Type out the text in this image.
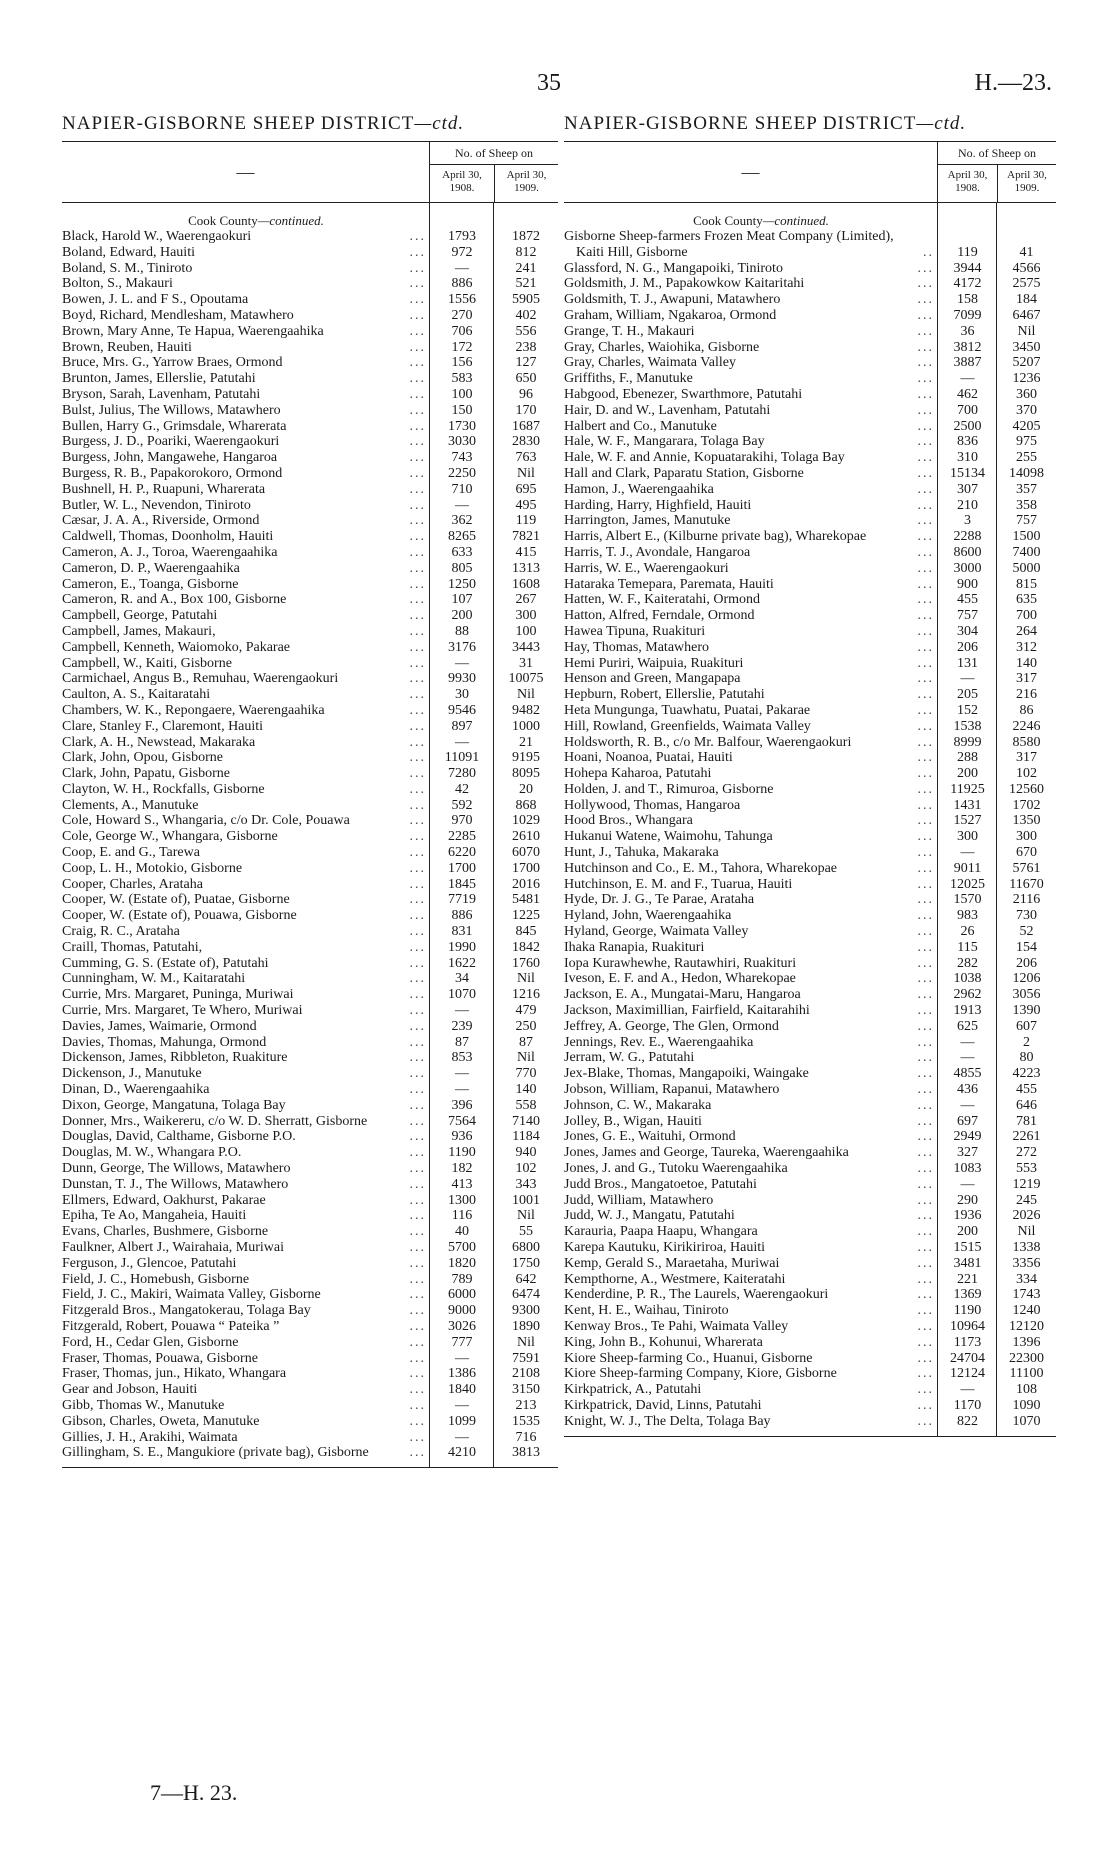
35	H.—23.
NAPIER-GISBORNE SHEEP DISTRICT—ctd.
—
No. of Sheep on
April 30, 1908.
April 30, 1909.
Cook County—continued.
Black, Harold W., Waerengaokuri ...	1793	1872
Boland, Edward, Hauiti ...	972	812
Boland, S. M., Tiniroto ...	—	241
Bolton, S., Makauri ...	886	521
Bowen, J. L. and F S., Opoutama ...	1556	5905
Boyd, Richard, Mendlesham, Matawhero ...	270	402
Brown, Mary Anne, Te Hapua, Waerengaahika ...	706	556
Brown, Reuben, Hauiti ...	172	238
Bruce, Mrs. G., Yarrow Braes, Ormond ...	156	127
Brunton, James, Ellerslie, Patutahi ...	583	650
Bryson, Sarah, Lavenham, Patutahi ...	100	96
Bulst, Julius, The Willows, Matawhero ...	150	170
Bullen, Harry G., Grimsdale, Wharerata ...	1730	1687
Burgess, J. D., Poariki, Waerengaokuri ...	3030	2830
Burgess, John, Mangawehe, Hangaroa ...	743	763
Burgess, R. B., Papakorokoro, Ormond ...	2250	Nil
Bushnell, H. P., Ruapuni, Wharerata ...	710	695
Butler, W. L., Nevendon, Tiniroto ...	—	495
Cæsar, J. A. A., Riverside, Ormond ...	362	119
Caldwell, Thomas, Doonholm, Hauiti ...	8265	7821
Cameron, A. J., Toroa, Waerengaahika ...	633	415
Cameron, D. P., Waerengaahika ...	805	1313
Cameron, E., Toanga, Gisborne ...	1250	1608
Cameron, R. and A., Box 100, Gisborne ...	107	267
Campbell, George, Patutahi ...	200	300
Campbell, James, Makauri, ...	88	100
Campbell, Kenneth, Waiomoko, Pakarae ...	3176	3443
Campbell, W., Kaiti, Gisborne ...	—	31
Carmichael, Angus B., Remuhau, Waerengaokuri ...	9930	10075
Caulton, A. S., Kaitaratahi ...	30	Nil
Chambers, W. K., Repongaere, Waerengaahika ...	9546	9482
Clare, Stanley F., Claremont, Hauiti ...	897	1000
Clark, A. H., Newstead, Makaraka ...	—	21
Clark, John, Opou, Gisborne ...	11091	9195
Clark, John, Papatu, Gisborne ...	7280	8095
Clayton, W. H., Rockfalls, Gisborne ...	42	20
Clements, A., Manutuke ...	592	868
Cole, Howard S., Whangaria, c/o Dr. Cole, Pouawa ...	970	1029
Cole, George W., Whangara, Gisborne ...	2285	2610
Coop, E. and G., Tarewa ...	6220	6070
Coop, L. H., Motokio, Gisborne ...	1700	1700
Cooper, Charles, Arataha ...	1845	2016
Cooper, W. (Estate of), Puatae, Gisborne ...	7719	5481
Cooper, W. (Estate of), Pouawa, Gisborne ...	886	1225
Craig, R. C., Arataha ...	831	845
Craill, Thomas, Patutahi, ...	1990	1842
Cumming, G. S. (Estate of), Patutahi ...	1622	1760
Cunningham, W. M., Kaitaratahi ...	34	Nil
Currie, Mrs. Margaret, Puninga, Muriwai ...	1070	1216
Currie, Mrs. Margaret, Te Whero, Muriwai ...	—	479
Davies, James, Waimarie, Ormond ...	239	250
Davies, Thomas, Mahunga, Ormond ...	87	87
Dickenson, James, Ribbleton, Ruakiture ...	853	Nil
Dickenson, J., Manutuke ...	—	770
Dinan, D., Waerengaahika ...	—	140
Dixon, George, Mangatuna, Tolaga Bay ...	396	558
Donner, Mrs., Waikereru, c/o W. D. Sherratt, Gisborne ...	7564	7140
Douglas, David, Calthame, Gisborne P.O. ...	936	1184
Douglas, M. W., Whangara P.O. ...	1190	940
Dunn, George, The Willows, Matawhero ...	182	102
Dunstan, T. J., The Willows, Matawhero ...	413	343
Ellmers, Edward, Oakhurst, Pakarae ...	1300	1001
Epiha, Te Ao, Mangaheia, Hauiti ...	116	Nil
Evans, Charles, Bushmere, Gisborne ...	40	55
Faulkner, Albert J., Wairahaia, Muriwai ...	5700	6800
Ferguson, J., Glencoe, Patutahi ...	1820	1750
Field, J. C., Homebush, Gisborne ...	789	642
Field, J. C., Makiri, Waimata Valley, Gisborne ...	6000	6474
Fitzgerald Bros., Mangatokerau, Tolaga Bay ...	9000	9300
Fitzgerald, Robert, Pouawa “ Pateika ” ...	3026	1890
Ford, H., Cedar Glen, Gisborne ...	777	Nil
Fraser, Thomas, Pouawa, Gisborne ...	—	7591
Fraser, Thomas, jun., Hikato, Whangara ...	1386	2108
Gear and Jobson, Hauiti ...	1840	3150
Gibb, Thomas W., Manutuke ...	—	213
Gibson, Charles, Oweta, Manutuke ...	1099	1535
Gillies, J. H., Arakihi, Waimata ...	—	716
Gillingham, S. E., Mangukiore (private bag), Gisborne ...	4210	3813
NAPIER-GISBORNE SHEEP DISTRICT—ctd.
—
No. of Sheep on
April 30, 1908.
April 30, 1909.
Cook County—continued.
Gisborne Sheep-farmers Frozen Meat Company (Limited), Kaiti Hill, Gisborne ...	119	41
Glassford, N. G., Mangapoiki, Tiniroto ...	3944	4566
Goldsmith, J. M., Papakowkow Kaitaritahi ...	4172	2575
Goldsmith, T. J., Awapuni, Matawhero ...	158	184
Graham, William, Ngakaroa, Ormond ...	7099	6467
Grange, T. H., Makauri ...	36	Nil
Gray, Charles, Waiohika, Gisborne ...	3812	3450
Gray, Charles, Waimata Valley ...	3887	5207
Griffiths, F., Manutuke ...	—	1236
Habgood, Ebenezer, Swarthmore, Patutahi ...	462	360
Hair, D. and W., Lavenham, Patutahi ...	700	370
Halbert and Co., Manutuke ...	2500	4205
Hale, W. F., Mangarara, Tolaga Bay ...	836	975
Hale, W. F. and Annie, Kopuatarakihi, Tolaga Bay ...	310	255
Hall and Clark, Paparatu Station, Gisborne ...	15134	14098
Hamon, J., Waerengaahika ...	307	357
Harding, Harry, Highfield, Hauiti ...	210	358
Harrington, James, Manutuke ...	3	757
Harris, Albert E., (Kilburne private bag), Wharekopae ...	2288	1500
Harris, T. J., Avondale, Hangaroa ...	8600	7400
Harris, W. E., Waerengaokuri ...	3000	5000
Hataraka Temepara, Paremata, Hauiti ...	900	815
Hatten, W. F., Kaiteratahi, Ormond ...	455	635
Hatton, Alfred, Ferndale, Ormond ...	757	700
Hawea Tipuna, Ruakituri ...	304	264
Hay, Thomas, Matawhero ...	206	312
Hemi Puriri, Waipuia, Ruakituri ...	131	140
Henson and Green, Mangapapa ...	—	317
Hepburn, Robert, Ellerslie, Patutahi ...	205	216
Heta Mungunga, Tuawhatu, Puatai, Pakarae ...	152	86
Hill, Rowland, Greenfields, Waimata Valley ...	1538	2246
Holdsworth, R. B., c/o Mr. Balfour, Waerengaokuri ...	8999	8580
Hoani, Noanoa, Puatai, Hauiti ...	288	317
Hohepa Kaharoa, Patutahi ...	200	102
Holden, J. and T., Rimuroa, Gisborne ...	11925	12560
Hollywood, Thomas, Hangaroa ...	1431	1702
Hood Bros., Whangara ...	1527	1350
Hukanui Watene, Waimohu, Tahunga ...	300	300
Hunt, J., Tahuka, Makaraka ...	—	670
Hutchinson and Co., E. M., Tahora, Wharekopae ...	9011	5761
Hutchinson, E. M. and F., Tuarua, Hauiti ...	12025	11670
Hyde, Dr. J. G., Te Parae, Arataha ...	1570	2116
Hyland, John, Waerengaahika ...	983	730
Hyland, George, Waimata Valley ...	26	52
Ihaka Ranapia, Ruakituri ...	115	154
Iopa Kurawhewhe, Rautawhiri, Ruakituri ...	282	206
Iveson, E. F. and A., Hedon, Wharekopae ...	1038	1206
Jackson, E. A., Mungatai-Maru, Hangaroa ...	2962	3056
Jackson, Maximillian, Fairfield, Kaitarahihi ...	1913	1390
Jeffrey, A. George, The Glen, Ormond ...	625	607
Jennings, Rev. E., Waerengaahika ...	—	2
Jerram, W. G., Patutahi ...	—	80
Jex-Blake, Thomas, Mangapoiki, Waingake ...	4855	4223
Jobson, William, Rapanui, Matawhero ...	436	455
Johnson, C. W., Makaraka ...	—	646
Jolley, B., Wigan, Hauiti ...	697	781
Jones, G. E., Waituhi, Ormond ...	2949	2261
Jones, James and George, Taureka, Waerengaahika ...	327	272
Jones, J. and G., Tutoku Waerengaahika ...	1083	553
Judd Bros., Mangatoetoe, Patutahi ...	—	1219
Judd, William, Matawhero ...	290	245
Judd, W. J., Mangatu, Patutahi ...	1936	2026
Karauria, Paapa Haapu, Whangara ...	200	Nil
Karepa Kautuku, Kirikiriroa, Hauiti ...	1515	1338
Kemp, Gerald S., Maraetaha, Muriwai ...	3481	3356
Kempthorne, A., Westmere, Kaiteratahi ...	221	334
Kenderdine, P. R., The Laurels, Waerengaokuri ...	1369	1743
Kent, H. E., Waihau, Tiniroto ...	1190	1240
Kenway Bros., Te Pahi, Waimata Valley ...	10964	12120
King, John B., Kohunui, Wharerata ...	1173	1396
Kiore Sheep-farming Co., Huanui, Gisborne ...	24704	22300
Kiore Sheep-farming Company, Kiore, Gisborne ...	12124	11100
Kirkpatrick, A., Patutahi ...	—	108
Kirkpatrick, David, Linns, Patutahi ...	1170	1090
Knight, W. J., The Delta, Tolaga Bay ...	822	1070
7—H. 23.
